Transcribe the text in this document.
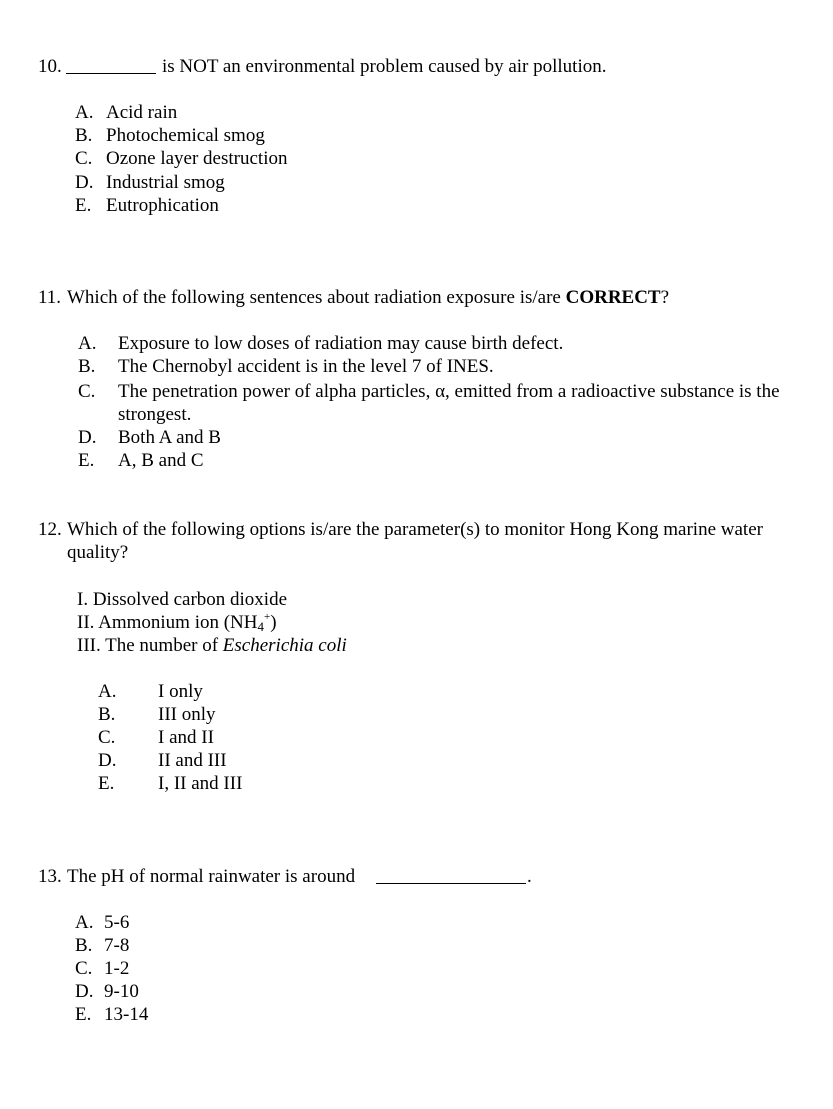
10.	is NOT an environmental problem caused by air pollution.
A. Acid rain
B. Photochemical smog
C. Ozone layer destruction
D. Industrial smog
E. Eutrophication
11. Which of the following sentences about radiation exposure is/are CORRECT?
A. Exposure to low doses of radiation may cause birth defect.
B. The Chernobyl accident is in the level 7 of INES.
C. The penetration power of alpha particles, α, emitted from a radioactive substance is the strongest.
D. Both A and B
E. A, B and C
12. Which of the following options is/are the parameter(s) to monitor Hong Kong marine water
quality?
I. Dissolved carbon dioxide
II. Ammonium ion $(NH_4^+)$
III. The number of Escherichia coli
A. I only
B. III only
C. I and II
D. II and III
E. I, II and III
13. The pH of normal rainwater is around	.
A. 5-6
B. 7-8
C. 1-2
D. 9-10
E. 13-14
